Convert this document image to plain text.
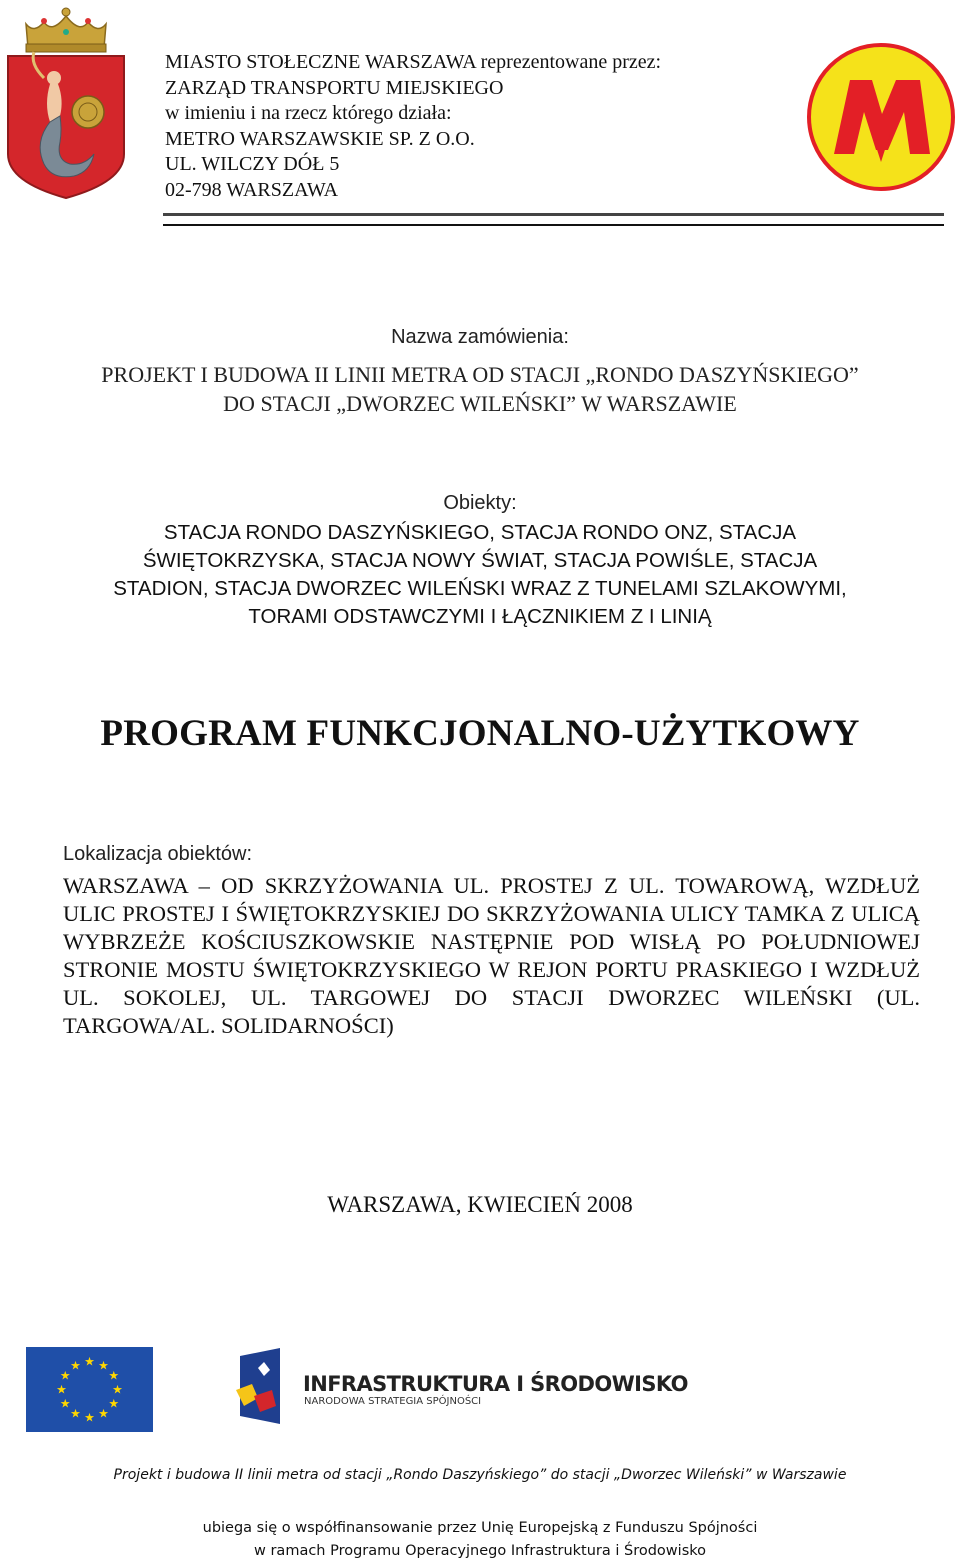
MIASTO STOŁECZNE WARSZAWA reprezentowane przez:
ZARZĄD TRANSPORTU MIEJSKIEGO
w imieniu i na rzecz którego działa:
METRO WARSZAWSKIE SP. Z O.O.
UL. WILCZY DÓŁ 5
02-798 WARSZAWA
Nazwa zamówienia:
PROJEKT I BUDOWA II LINII METRA OD STACJI „RONDO DASZYŃSKIEGO”
DO STACJI „DWORZEC WILEŃSKI” W WARSZAWIE
Obiekty:
STACJA RONDO DASZYŃSKIEGO, STACJA RONDO ONZ, STACJA
ŚWIĘTOKRZYSKA, STACJA NOWY ŚWIAT, STACJA POWIŚLE, STACJA
STADION, STACJA DWORZEC WILEŃSKI WRAZ Z TUNELAMI SZLAKOWYMI,
TORAMI ODSTAWCZYMI I ŁĄCZNIKIEM Z I LINIĄ
PROGRAM FUNKCJONALNO-UŻYTKOWY
Lokalizacja obiektów:
WARSZAWA – OD SKRZYŻOWANIA UL. PROSTEJ Z UL. TOWAROWĄ, WZDŁUŻ ULIC PROSTEJ I ŚWIĘTOKRZYSKIEJ DO SKRZYŻOWANIA ULICY TAMKA Z ULICĄ WYBRZEŻE KOŚCIUSZKOWSKIE NASTĘPNIE POD WISŁĄ PO POŁUDNIOWEJ STRONIE MOSTU ŚWIĘTOKRZYSKIEGO W REJON PORTU PRASKIEGO I WZDŁUŻ UL. SOKOLEJ, UL. TARGOWEJ DO STACJI DWORZEC WILEŃSKI (UL. TARGOWA/AL. SOLIDARNOŚCI)
WARSZAWA, KWIECIEŃ 2008
★ ★
★
★
★
★
★
★
★
★
★
★
INFRASTRUKTURA I ŚRODOWISKO
NARODOWA STRATEGIA SPÓJNOŚCI
Projekt i budowa II linii metra od stacji „Rondo Daszyńskiego” do stacji „Dworzec Wileński” w Warszawie
ubiega się o współfinansowanie przez Unię Europejską z Funduszu Spójności
w ramach Programu Operacyjnego Infrastruktura i Środowisko
